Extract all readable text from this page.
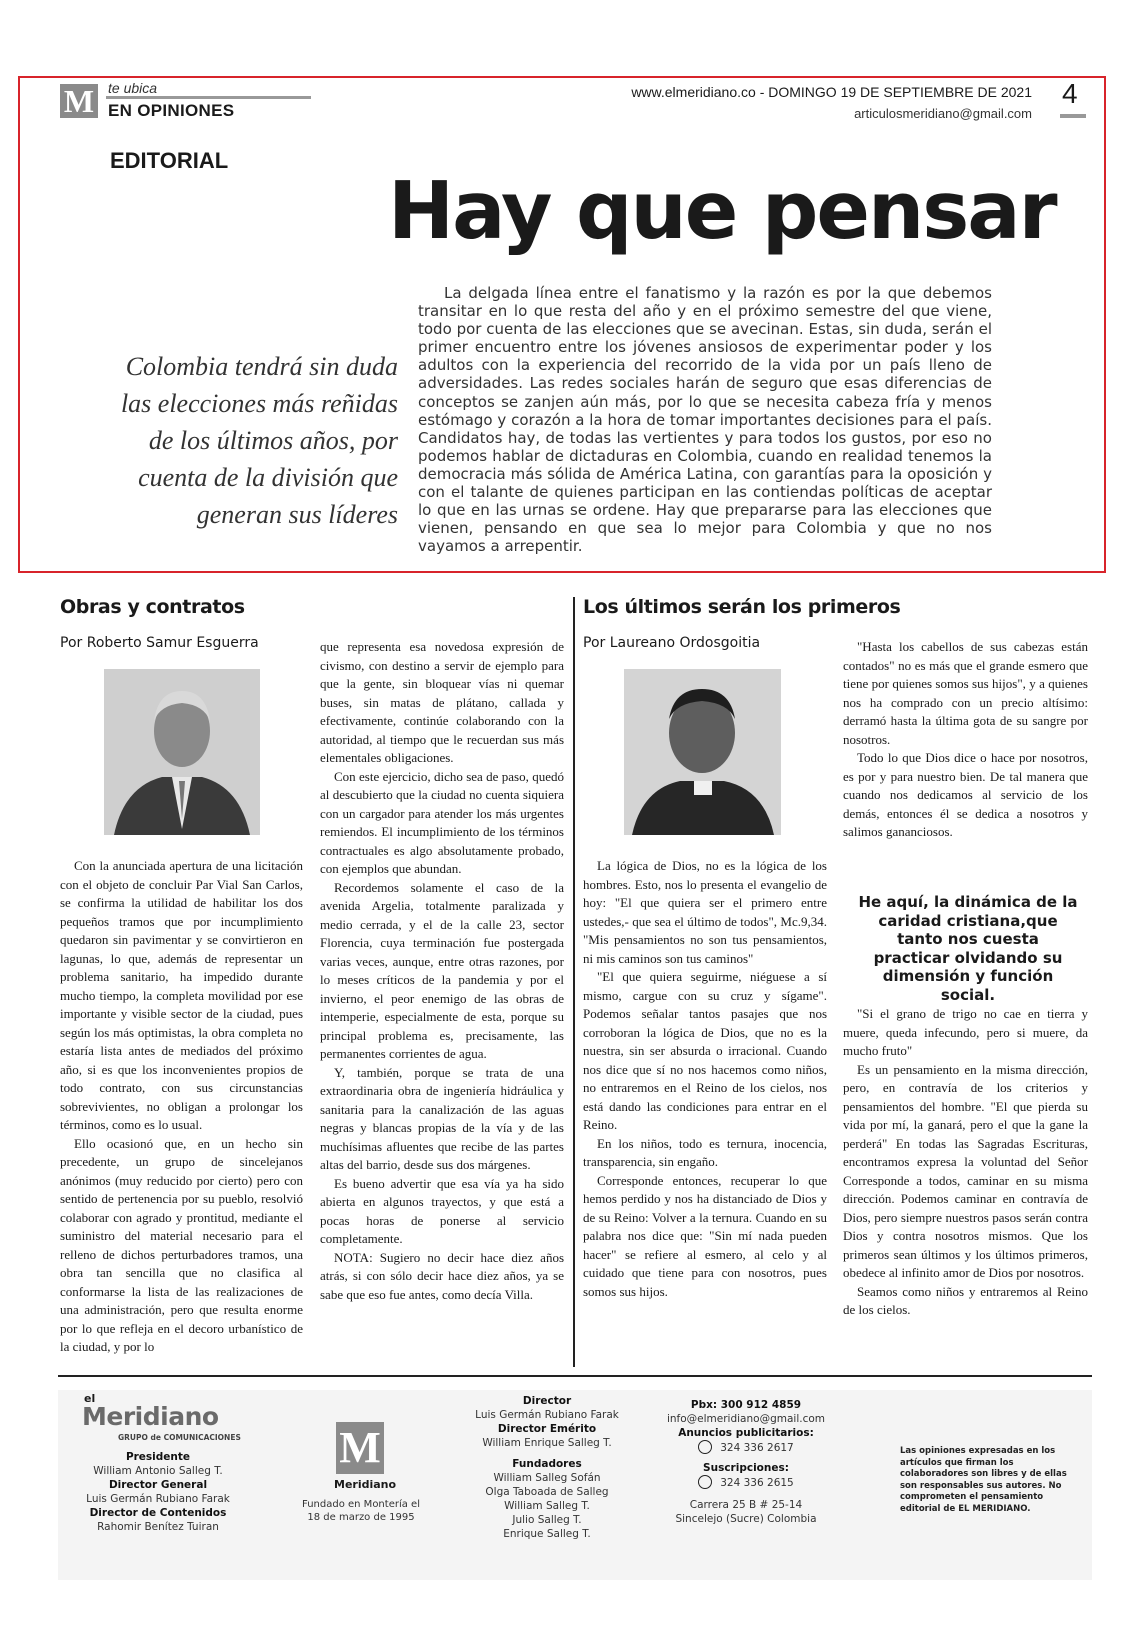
M te ubica
EN OPINIONES
www.elmeridiano.co - DOMINGO 19 DE SEPTIEMBRE DE 2021
articulosmeridiano@gmail.com
4
EDITORIAL
Hay que pensar
Colombia tendrá sin duda las elecciones más reñidas de los últimos años, por cuenta de la división que generan sus líderes
La delgada línea entre el fanatismo y la razón es por la que debemos transitar en lo que resta del año y en el próximo semestre del que viene, todo por cuenta de las elecciones que se avecinan. Estas, sin duda, serán el primer encuentro entre los jóvenes ansiosos de experimentar poder y los adultos con la experiencia del recorrido de la vida por un país lleno de adversidades. Las redes sociales harán de seguro que esas diferencias de conceptos se zanjen aún más, por lo que se necesita cabeza fría y menos estómago y corazón a la hora de tomar importantes decisiones para el país. Candidatos hay, de todas las vertientes y para todos los gustos, por eso no podemos hablar de dictaduras en Colombia, cuando en realidad tenemos la democracia más sólida de América Latina, con garantías para la oposición y con el talante de quienes participan en las contiendas políticas de aceptar lo que en las urnas se ordene. Hay que prepararse para las elecciones que vienen, pensando en que sea lo mejor para Colombia y que no nos vayamos a arrepentir.
Obras y contratos
Por Roberto Samur Esguerra

Con la anunciada apertura de una licitación con el objeto de concluir Par Vial San Carlos, se confirma la utilidad de habilitar los dos pequeños tramos que por incumplimiento quedaron sin pavimentar y se convirtieron en lagunas, lo que, además de representar un problema sanitario, ha impedido durante mucho tiempo, la completa movilidad por ese importante y visible sector de la ciudad, pues según los más optimistas, la obra completa no estaría lista antes de mediados del próximo año, si es que los inconvenientes propios de todo contrato, con sus circunstancias sobrevivientes, no obligan a prolongar los términos, como es lo usual.

Ello ocasionó que, en un hecho sin precedente, un grupo de sincelejanos anónimos (muy reducido por cierto) pero con sentido de pertenencia por su pueblo, resolvió colaborar con agrado y prontitud, mediante el suministro del material necesario para el relleno de dichos perturbadores tramos, una obra tan sencilla que no clasifica al conformarse la lista de las realizaciones de una administración, pero que resulta enorme por lo que refleja en el decoro urbanístico de la ciudad, y por lo

que representa esa novedosa expresión de civismo, con destino a servir de ejemplo para que la gente, sin bloquear vías ni quemar buses, sin matas de plátano, callada y efectivamente, continúe colaborando con la autoridad, al tiempo que le recuerdan sus más elementales obligaciones.

Con este ejercicio, dicho sea de paso, quedó al descubierto que la ciudad no cuenta siquiera con un cargador para atender los más urgentes remiendos. El incumplimiento de los términos contractuales es algo absolutamente probado, con ejemplos que abundan.

Recordemos solamente el caso de la avenida Argelia, totalmente paralizada y medio cerrada, y el de la calle 23, sector Florencia, cuya terminación fue postergada varias veces, aunque, entre otras razones, por lo meses críticos de la pandemia y por el invierno, el peor enemigo de las obras de intemperie, especialmente de esta, porque su principal problema es, precisamente, las permanentes corrientes de agua.

Y, también, porque se trata de una extraordinaria obra de ingeniería hidráulica y sanitaria para la canalización de las aguas negras y blancas propias de la vía y de las muchísimas afluentes que recibe de las partes altas del barrio, desde sus dos márgenes.

Es bueno advertir que esa vía ya ha sido abierta en algunos trayectos, y que está a pocas horas de ponerse al servicio completamente.

NOTA: Sugiero no decir hace diez años atrás, si con sólo decir hace diez años, ya se sabe que eso fue antes, como decía Villa.

Los últimos serán los primeros
Por Laureano Ordosgoitia

La lógica de Dios, no es la lógica de los hombres. Esto, nos lo presenta el evangelio de hoy: "El que quiera ser el primero entre ustedes,- que sea el último de todos", Mc.9,34. "Mis pensamientos no son tus pensamientos, ni mis caminos son tus caminos"

"El que quiera seguirme, niéguese a sí mismo, cargue con su cruz y sígame". Podemos señalar tantos pasajes que nos corroboran la lógica de Dios, que no es la nuestra, sin ser absurda o irracional. Cuando nos dice que sí no nos hacemos como niños, no entraremos en el Reino de los cielos, nos está dando las condiciones para entrar en el Reino.

En los niños, todo es ternura, inocencia, transparencia, sin engaño.

Corresponde entonces, recuperar lo que hemos perdido y nos ha distanciado de Dios y de su Reino: Volver a la ternura. Cuando en su palabra nos dice que: "Sin mí nada pueden hacer" se refiere al esmero, al celo y al cuidado que tiene para con nosotros, pues somos sus hijos.

"Hasta los cabellos de sus cabezas están contados" no es más que el grande esmero que tiene por quienes somos sus hijos", y a quienes nos ha comprado con un precio altísimo: derramó hasta la última gota de su sangre por nosotros.

Todo lo que Dios dice o hace por nosotros, es por y para nuestro bien. De tal manera que cuando nos dedicamos al servicio de los demás, entonces él se dedica a nosotros y salimos gananciosos.

He aquí, la dinámica de la caridad cristiana,que tanto nos cuesta practicar olvidando su dimensión y función social.

"Si el grano de trigo no cae en tierra y muere, queda infecundo, pero si muere, da mucho fruto"

Es un pensamiento en la misma dirección, pero, en contravía de los criterios y pensamientos del hombre. "El que pierda su vida por mí, la ganará, pero el que la gane la perderá" En todas las Sagradas Escrituras, encontramos expresa la voluntad del Señor Corresponde a todos, caminar en su misma dirección. Podemos caminar en contravía de Dios, pero siempre nuestros pasos serán contra Dios y contra nosotros mismos. Que los primeros sean últimos y los últimos primeros, obedece al infinito amor de Dios por nosotros.

Seamos como niños y entraremos al Reino de los cielos.

el
Meridiano
GRUPO de COMUNICACIONES
Presidente
William Antonio Salleg T.
Director General
Luis Germán Rubiano Farak
Director de Contenidos
Rahomir Benítez Tuiran
M
Meridiano
Fundado en Montería el 18 de marzo de 1995
Director
Luis Germán Rubiano Farak
Director Emérito
William Enrique Salleg T.
Fundadores
William Salleg Sofán
Olga Taboada de Salleg
William Salleg T.
Julio Salleg T.
Enrique Salleg T.
Pbx: 300 912 4859
info@elmeridiano@gmail.com
Anuncios publicitarios:
324 336 2617
Suscripciones:
324 336 2615
Carrera 25 B # 25-14
Sincelejo (Sucre) Colombia
Las opiniones expresadas en los artículos que firman los colaboradores son libres y de ellas son responsables sus autores. No comprometen el pensamiento editorial de EL MERIDIANO.
